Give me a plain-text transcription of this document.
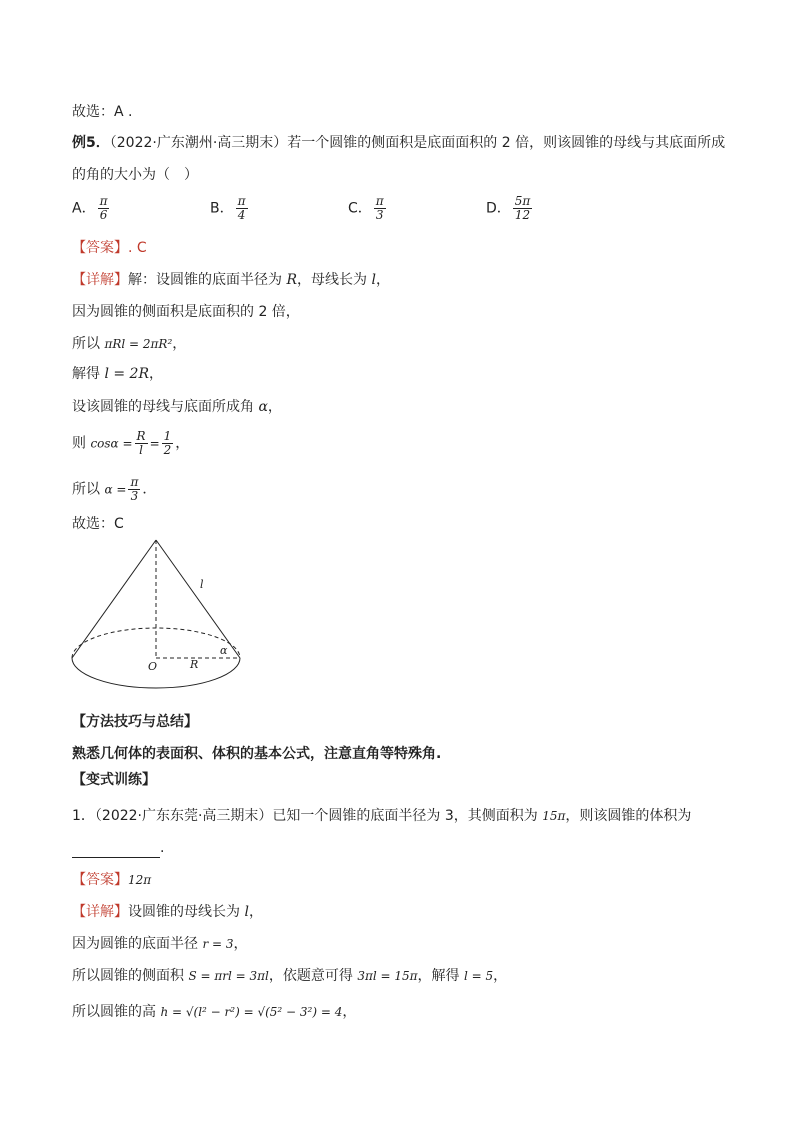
故选：A .
例5．（2022·广东潮州·高三期末）若一个圆锥的侧面积是底面面积的 2 倍，则该圆锥的母线与其底面所成
的角的大小为（　）
A． $\frac{\pi}{6}$	B． $\frac{\pi}{4}$	C． $\frac{\pi}{3}$	D． $\frac{5\pi}{12}$
【答案】. C
【详解】解：设圆锥的底面半径为 R，母线长为 l，
因为圆锥的侧面积是底面积的 2 倍，
所以 πRl = 2πR²，
解得 l = 2R，
设该圆锥的母线与底面所成角 α，
则 $\cos\alpha = \frac{R}{l} = \frac{1}{2}$ ，
所以 $\alpha = \frac{\pi}{3}$ ．
故选：C
l
O	R
α
【方法技巧与总结】
熟悉几何体的表面积、体积的基本公式，注意直角等特殊角.
【变式训练】
1．（2022·广东东莞·高三期末）已知一个圆锥的底面半径为 3，其侧面积为 15π，则该圆锥的体积为
.
【答案】12π
【详解】设圆锥的母线长为 l，
因为圆锥的底面半径 r = 3，
所以圆锥的侧面积 S = πrl = 3πl，依题意可得 3πl = 15π，解得 l = 5，
所以圆锥的高 h = √(l² − r²) = √(5² − 3²) = 4，
